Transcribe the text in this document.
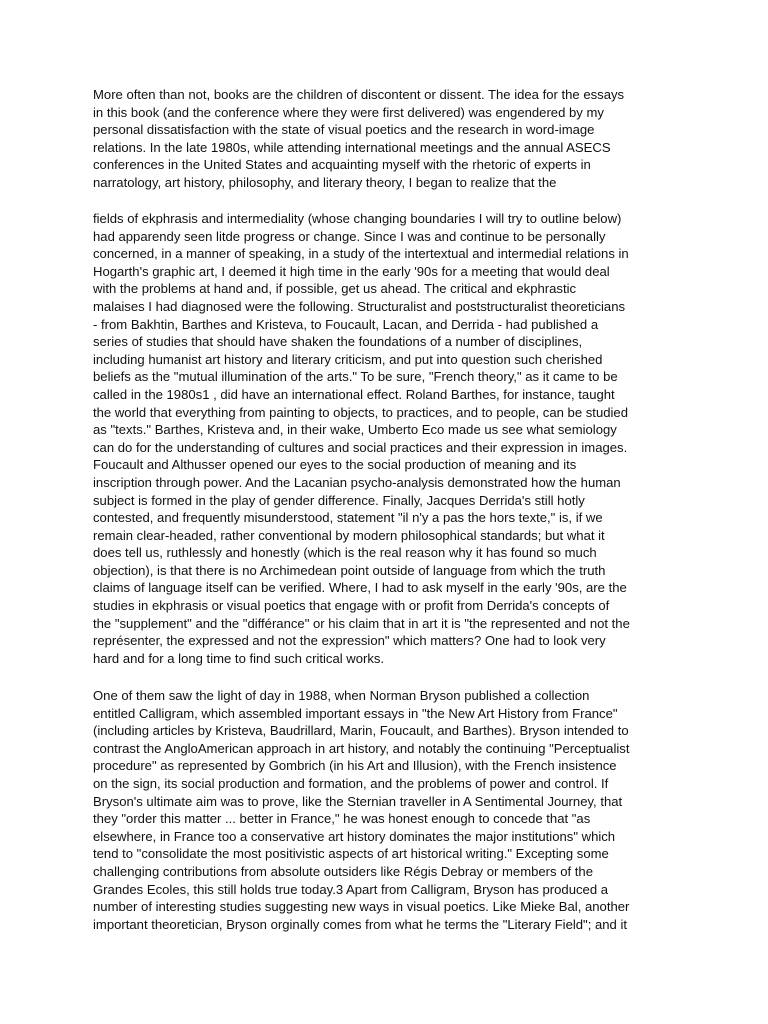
More often than not, books are the children of discontent or dissent. The idea for the essays
in this book (and the conference where they were first delivered) was engendered by my
personal dissatisfaction with the state of visual poetics and the research in word-image
relations. In the late 1980s, while attending international meetings and the annual ASECS
conferences in the United States and acquainting myself with the rhetoric of experts in
narratology, art history, philosophy, and literary theory, I began to realize that the
fields of ekphrasis and intermediality (whose changing boundaries I will try to outline below)
had apparendy seen litde progress or change. Since I was and continue to be personally
concerned, in a manner of speaking, in a study of the intertextual and intermedial relations in
Hogarth's graphic art, I deemed it high time in the early '90s for a meeting that would deal
with the problems at hand and, if possible, get us ahead. The critical and ekphrastic
malaises I had diagnosed were the following. Structuralist and poststructuralist theoreticians
- from Bakhtin, Barthes and Kristeva, to Foucault, Lacan, and Derrida - had published a
series of studies that should have shaken the foundations of a number of disciplines,
including humanist art history and literary criticism, and put into question such cherished
beliefs as the "mutual illumination of the arts." To be sure, "French theory," as it came to be
called in the 1980s1 , did have an international effect. Roland Barthes, for instance, taught
the world that everything from painting to objects, to practices, and to people, can be studied
as "texts." Barthes, Kristeva and, in their wake, Umberto Eco made us see what semiology
can do for the understanding of cultures and social practices and their expression in images.
Foucault and Althusser opened our eyes to the social production of meaning and its
inscription through power. And the Lacanian psycho-analysis demonstrated how the human
subject is formed in the play of gender difference. Finally, Jacques Derrida's still hotly
contested, and frequently misunderstood, statement "il n'y a pas the hors texte," is, if we
remain clear-headed, rather conventional by modern philosophical standards; but what it
does tell us, ruthlessly and honestly (which is the real reason why it has found so much
objection), is that there is no Archimedean point outside of language from which the truth
claims of language itself can be verified. Where, I had to ask myself in the early '90s, are the
studies in ekphrasis or visual poetics that engage with or profit from Derrida's concepts of
the "supplement" and the "différance" or his claim that in art it is "the represented and not the
représenter, the expressed and not the expression" which matters? One had to look very
hard and for a long time to find such critical works.
One of them saw the light of day in 1988, when Norman Bryson published a collection
entitled Calligram, which assembled important essays in "the New Art History from France"
(including articles by Kristeva, Baudrillard, Marin, Foucault, and Barthes). Bryson intended to
contrast the AngloAmerican approach in art history, and notably the continuing "Perceptualist
procedure" as represented by Gombrich (in his Art and Illusion), with the French insistence
on the sign, its social production and formation, and the problems of power and control. If
Bryson's ultimate aim was to prove, like the Sternian traveller in A Sentimental Journey, that
they "order this matter ... better in France," he was honest enough to concede that "as
elsewhere, in France too a conservative art history dominates the major institutions" which
tend to "consolidate the most positivistic aspects of art historical writing." Excepting some
challenging contributions from absolute outsiders like Régis Debray or members of the
Grandes Ecoles, this still holds true today.3 Apart from Calligram, Bryson has produced a
number of interesting studies suggesting new ways in visual poetics. Like Mieke Bal, another
important theoretician, Bryson orginally comes from what he terms the "Literary Field"; and it
